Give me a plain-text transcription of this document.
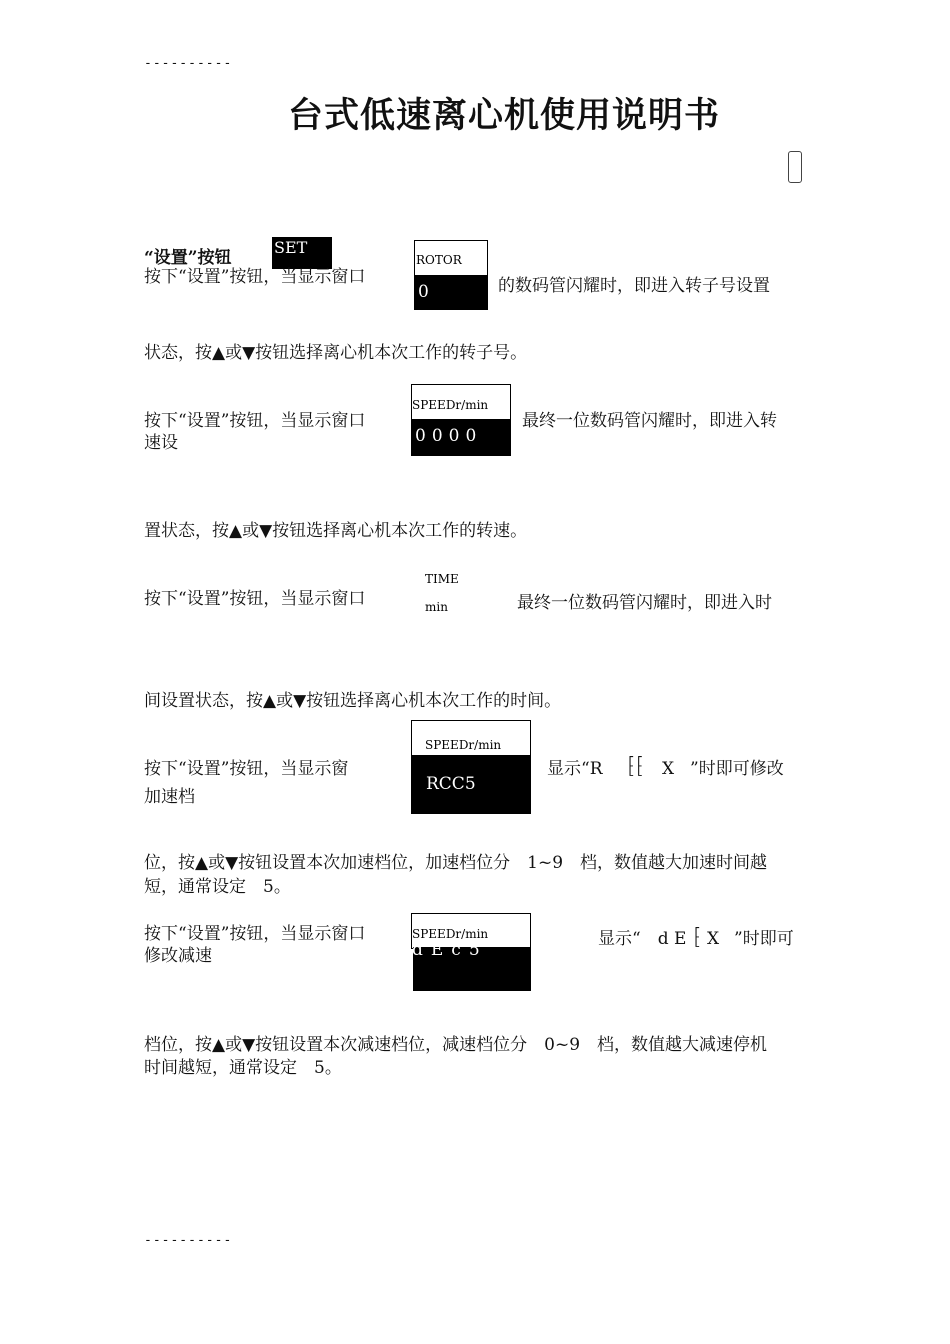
----------
台式低速离心机使用说明书
“设置”按钮
SET
按下“设置”按钮，当显示窗口
ROTOR
0	的数码管闪耀时，即进入转子号设置
状态，按▲或▼按钮选择离心机本次工作的转子号。
按下“设置”按钮，当显示窗口
速设
SPEEDr/min
0000
最终一位数码管闪耀时，即进入转
置状态，按▲或▼按钮选择离心机本次工作的转速。
按下“设置”按钮，当显示窗口
TIME
min	最终一位数码管闪耀时，即进入时
间设置状态，按▲或▼按钮选择离心机本次工作的时间。
按下“设置”按钮，当显示窗
加速档
SPEEDr/min
RCC5
显示“R ⁅⁅ X ”时即可修改
位，按▲或▼按钮设置本次加速档位，加速档位分　1~9　档，数值越大加速时间越
短，通常设定　5。
按下“设置”按钮，当显示窗口
修改减速
SPEEDr/min
dEc5
显示“　d E ⁅ X ”时即可
档位，按▲或▼按钮设置本次减速档位，减速档位分　0~9　档，数值越大减速停机
时间越短，通常设定　5。
----------
